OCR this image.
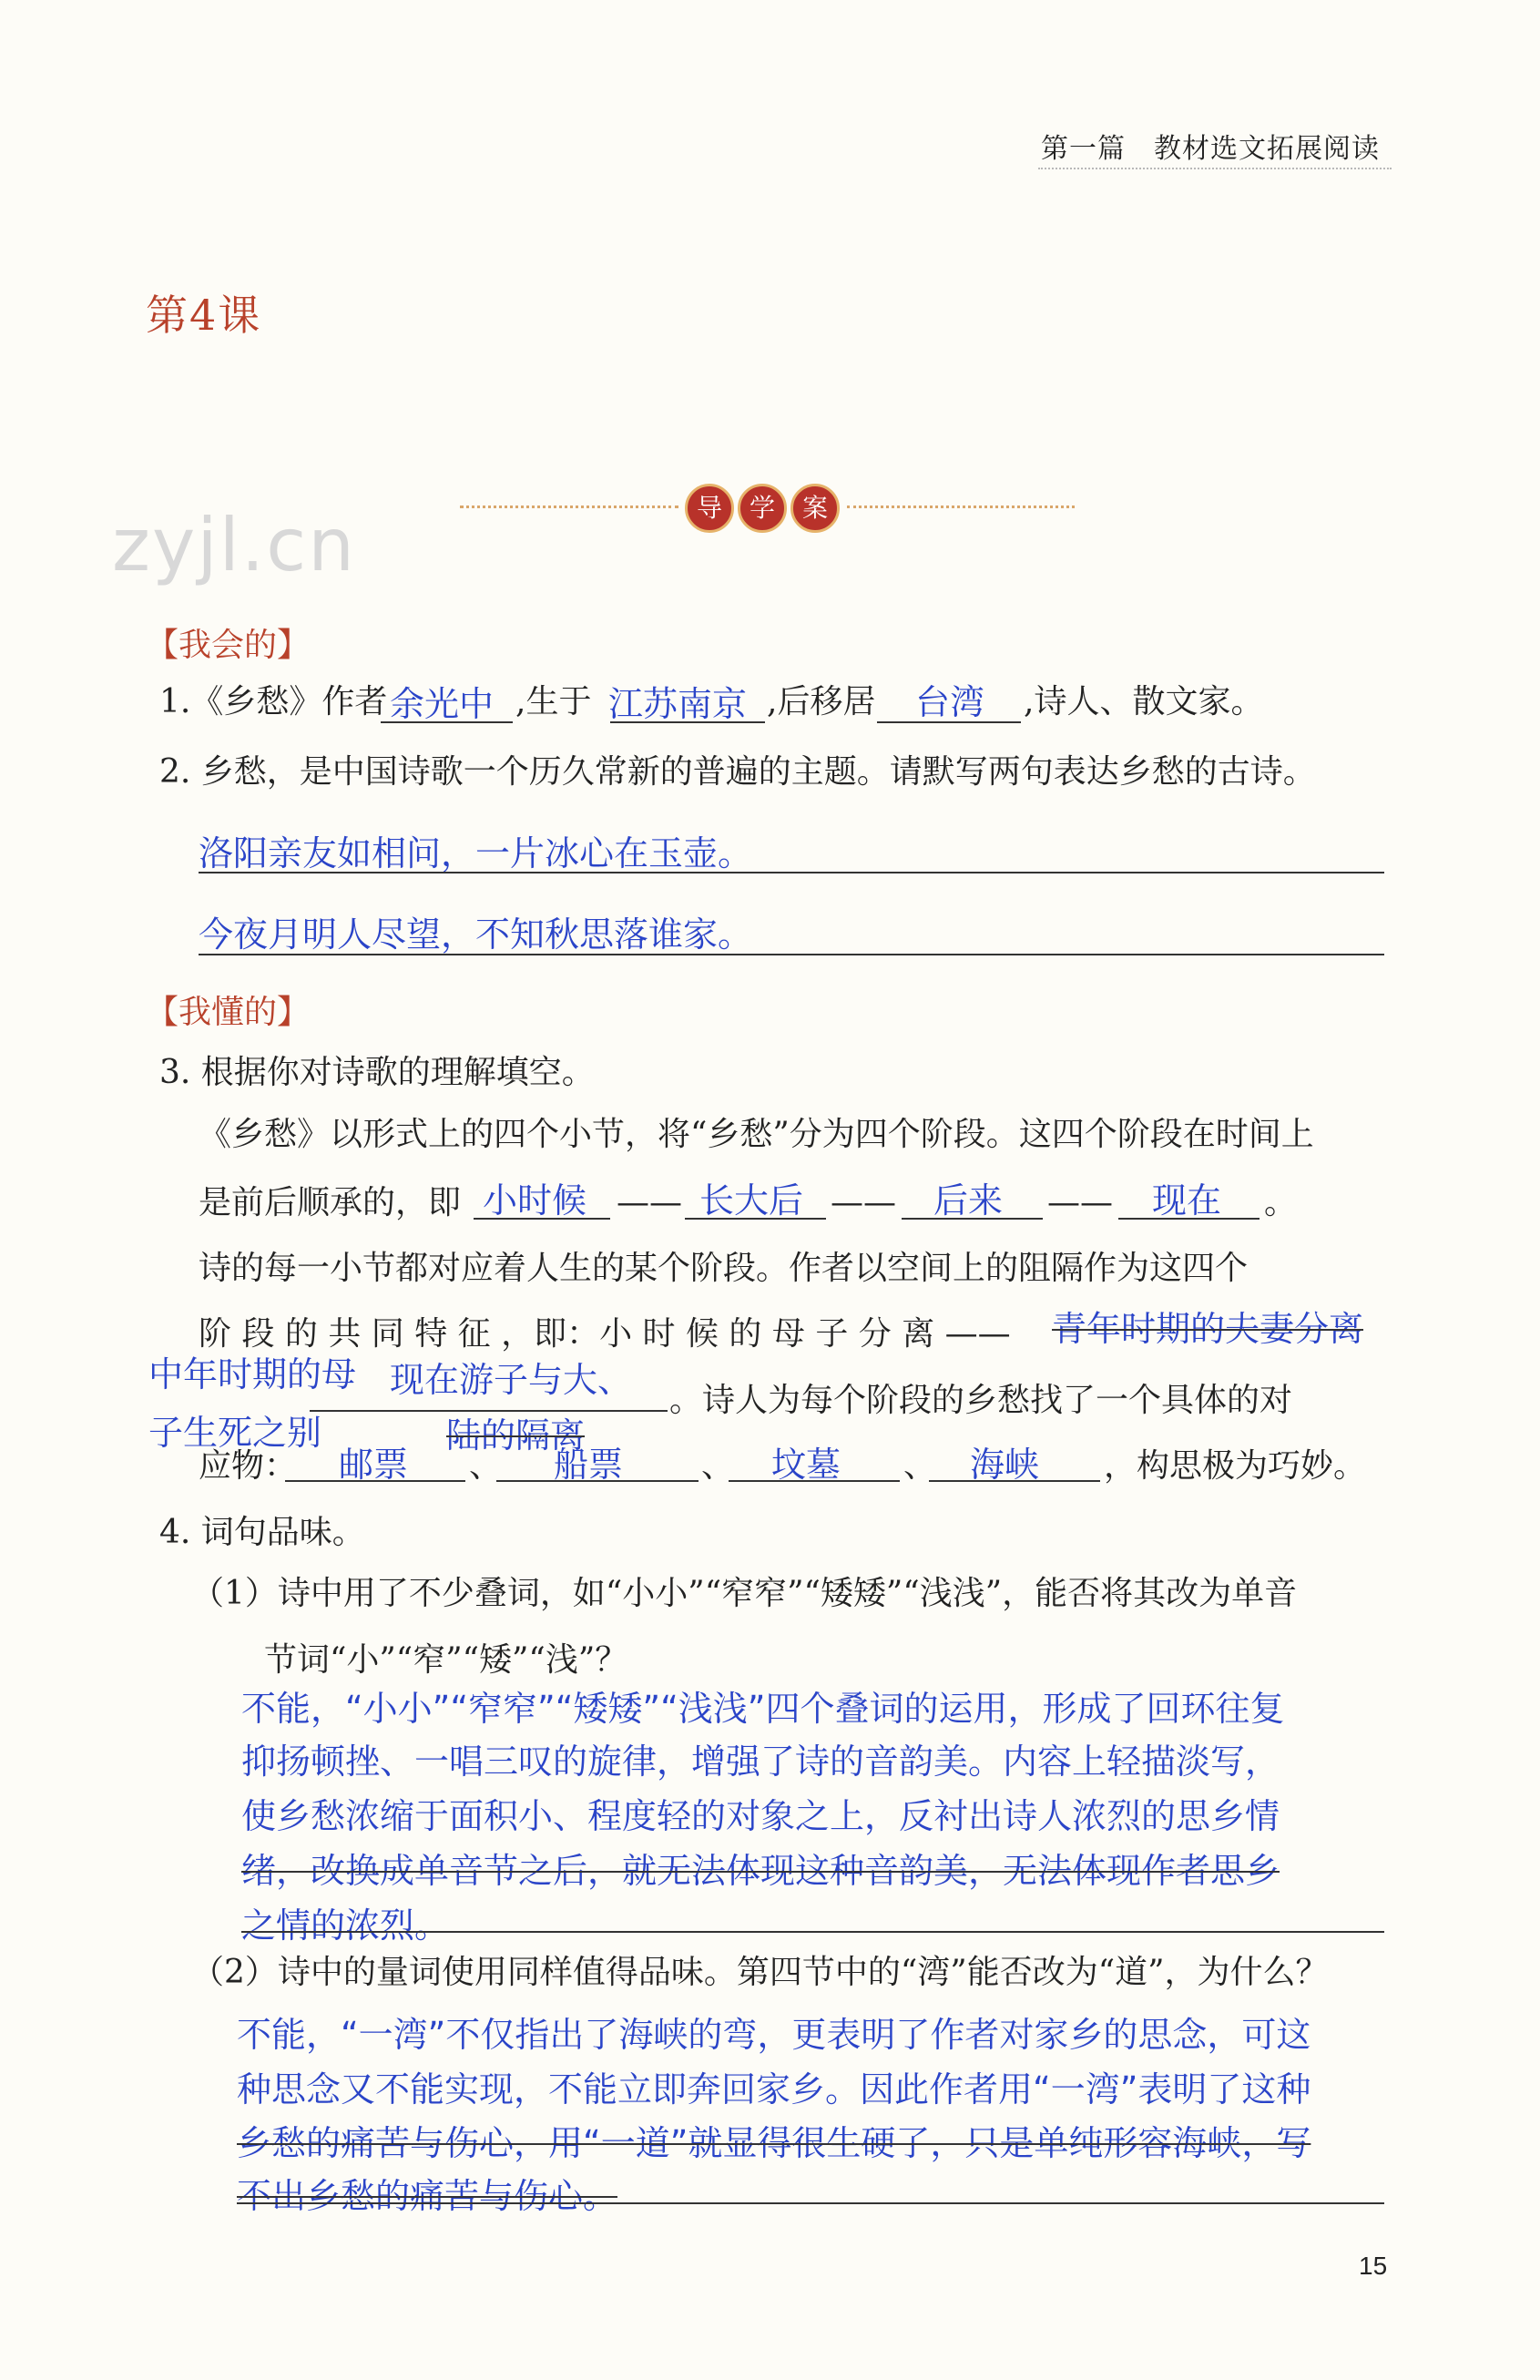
第一篇　教材选文拓展阅读
第4课
导	学	案
zyjl.cn
【我会的】
1.《乡愁》作者 余光中 ,生于 江苏南京 ,后移居 台湾 ,诗人、散文家。
2. 乡愁，是中国诗歌一个历久常新的普遍的主题。请默写两句表达乡愁的古诗。
洛阳亲友如相问，一片冰心在玉壶。
今夜月明人尽望，不知秋思落谁家。
【我懂的】
3. 根据你对诗歌的理解填空。
《乡愁》以形式上的四个小节，将“乡愁”分为四个阶段。这四个阶段在时间上
是前后顺承的，即 小时候 —— 长大后 —— 后来 —— 现在 。
诗的每一小节都对应着人生的某个阶段。作者以空间上的阻隔作为这四个
阶 段 的 共 同 特 征 ，即：小 时 候 的 母 子 分 离 —— 青年时期的夫妻分离
中年时期的母 现在游子与大、
子生死之别	陆的隔离
。诗人为每个阶段的乡愁找了一个具体的对
应物： 邮票 、 船票 、 坟墓 、 海峡 ，构思极为巧妙。
4. 词句品味。
（1）诗中用了不少叠词，如“小小”“窄窄”“矮矮”“浅浅”，能否将其改为单音
节词“小”“窄”“矮”“浅”？
不能，“小小”“窄窄”“矮矮”“浅浅”四个叠词的运用，形成了回环往复
抑扬顿挫、一唱三叹的旋律，增强了诗的音韵美。内容上轻描淡写，
使乡愁浓缩于面积小、程度轻的对象之上，反衬出诗人浓烈的思乡情
绪，改换成单音节之后，就无法体现这种音韵美，无法体现作者思乡
之情的浓烈。
（2）诗中的量词使用同样值得品味。第四节中的“湾”能否改为“道”，为什么？
不能，“一湾”不仅指出了海峡的弯，更表明了作者对家乡的思念，可这
种思念又不能实现，不能立即奔回家乡。因此作者用“一湾”表明了这种
乡愁的痛苦与伤心，用“一道”就显得很生硬了，只是单纯形容海峡，写
不出乡愁的痛苦与伤心。
15
